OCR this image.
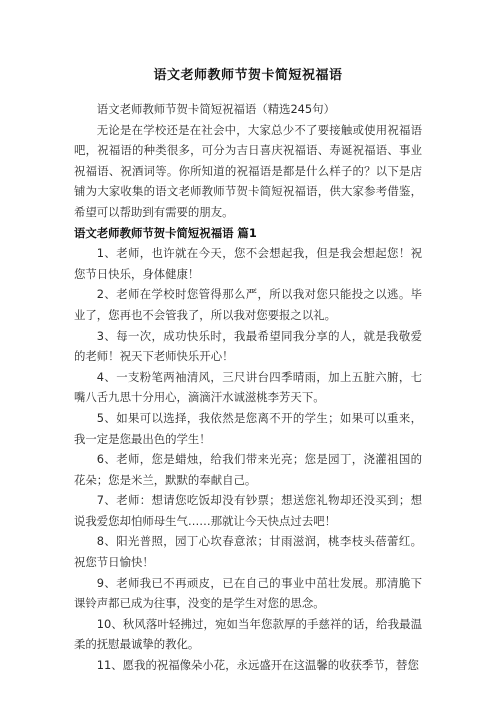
语文老师教师节贺卡简短祝福语

语文老师教师节贺卡简短祝福语（精选245句）

无论是在学校还是在社会中，大家总少不了要接触或使用祝福语吧，祝福语的种类很多，可分为吉日喜庆祝福语、寿诞祝福语、事业祝福语、祝酒词等。你所知道的祝福语是都是什么样子的？以下是店铺为大家收集的语文老师教师节贺卡简短祝福语，供大家参考借鉴，希望可以帮助到有需要的朋友。

语文老师教师节贺卡简短祝福语 篇1

1、老师，也许就在今天，您不会想起我，但是我会想起您！祝您节日快乐，身体健康！

2、老师在学校时您管得那么严，所以我对您只能投之以逃。毕业了，您再也不会管我了，所以我对您要报之以礼。

3、每一次，成功快乐时，我最希望同我分享的人，就是我敬爱的老师！祝天下老师快乐开心！

4、一支粉笔两袖清风，三尺讲台四季晴雨，加上五脏六腑，七嘴八舌九思十分用心，滴滴汗水诚滋桃李芳天下。

5、如果可以选择，我依然是您离不开的学生；如果可以重来，我一定是您最出色的学生！

6、老师，您是蜡烛，给我们带来光亮；您是园丁，浇灌祖国的花朵；您是米兰，默默的奉献自己。

7、老师：想请您吃饭却没有钞票；想送您礼物却还没买到；想说我爱您却怕师母生气……那就让今天快点过去吧！

8、阳光普照，园丁心坎春意浓；甘雨滋润，桃李枝头蓓蕾红。祝您节日愉快！

9、老师我已不再顽皮，已在自己的事业中茁壮发展。那清脆下课铃声都已成为往事，没变的是学生对您的思念。

10、秋风落叶轻拂过，宛如当年您款厚的手慈祥的话，给我最温柔的抚慰最诚挚的教化。

11、愿我的祝福像朵小花，永远盛开在这温馨的收获季节，替您
